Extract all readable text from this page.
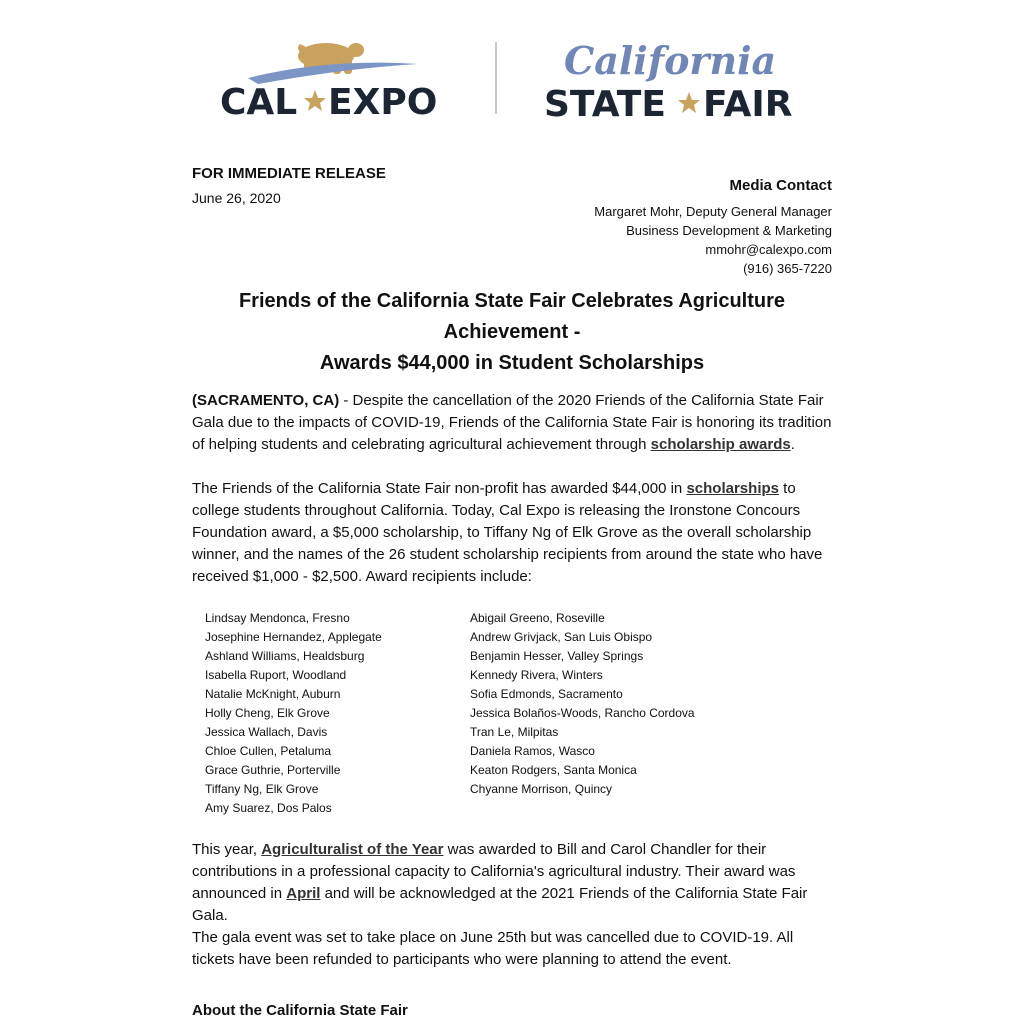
CAL EXPO
California
STATE FAIR
FOR IMMEDIATE RELEASE
June 26, 2020
Media Contact
Margaret Mohr, Deputy General Manager
Business Development & Marketing
mmohr@calexpo.com
(916) 365-7220
Friends of the California State Fair Celebrates Agriculture
Achievement -
Awards $44,000 in Student Scholarships
(SACRAMENTO, CA) - Despite the cancellation of the 2020 Friends of the California State Fair Gala due to the impacts of COVID-19, Friends of the California State Fair is honoring its tradition of helping students and celebrating agricultural achievement through scholarship awards.
The Friends of the California State Fair non-profit has awarded $44,000 in scholarships to college students throughout California. Today, Cal Expo is releasing the Ironstone Concours Foundation award, a $5,000 scholarship, to Tiffany Ng of Elk Grove as the overall scholarship winner, and the names of the 26 student scholarship recipients from around the state who have received $1,000 - $2,500. Award recipients include:
Lindsay Mendonca, Fresno
Josephine Hernandez, Applegate
Ashland Williams, Healdsburg
Isabella Ruport, Woodland
Natalie McKnight, Auburn
Holly Cheng, Elk Grove
Jessica Wallach, Davis
Chloe Cullen, Petaluma
Grace Guthrie, Porterville
Tiffany Ng, Elk Grove
Amy Suarez, Dos Palos
Abigail Greeno, Roseville
Andrew Grivjack, San Luis Obispo
Benjamin Hesser, Valley Springs
Kennedy Rivera, Winters
Sofia Edmonds, Sacramento
Jessica Bolaños-Woods, Rancho Cordova
Tran Le, Milpitas
Daniela Ramos, Wasco
Keaton Rodgers, Santa Monica
Chyanne Morrison, Quincy
This year, Agriculturalist of the Year was awarded to Bill and Carol Chandler for their contributions in a professional capacity to California's agricultural industry. Their award was announced in April and will be acknowledged at the 2021 Friends of the California State Fair Gala.
The gala event was set to take place on June 25th but was cancelled due to COVID-19. All tickets have been refunded to participants who were planning to attend the event.
About the California State Fair
